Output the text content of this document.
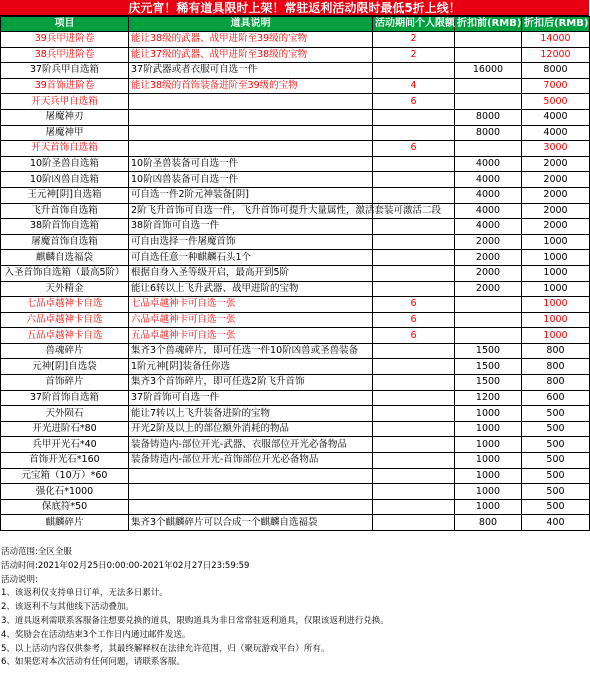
庆元宵！稀有道具限时上架！常驻返利活动限时最低5折上线！
项目	道具说明	活动期间个人限额	折扣前(RMB)	折扣后(RMB)
39兵甲进阶卷	能让38级的武器、战甲进阶至39级的宝物	2		14000
38兵甲进阶卷	能让37级的武器、战甲进阶至38级的宝物	2		12000
37阶兵甲自选箱	37阶武器或者衣服可自选一件		16000	8000
39首饰进阶卷	能让38级的首饰装备进阶至39级的宝物	4		7000
开天兵甲自选箱		6		5000
屠魔神刃			8000	4000
屠魔神甲			8000	4000
开天首饰自选箱		6		3000
10阶圣兽自选箱	10阶圣兽装备可自选一件		4000	2000
10阶凶兽自选箱	10阶凶兽装备可自选一件		4000	2000
王元神[阴]自选箱	可自选一件2阶元神装备[阴]		4000	2000
飞升首饰自选箱	2阶飞升首饰可自选一件，飞升首饰可提升大量属性，激活套装可激活二段		4000	2000
38阶首饰自选箱	38阶首饰可自选一件		4000	2000
屠魔首饰自选箱	可自由选择一件屠魔首饰		2000	1000
麒麟自选福袋	可自选任意一种麒麟石头1个		2000	1000
入圣首饰自选箱（最高5阶）	根据自身入圣等级开启，最高开到5阶		2000	1000
天外精金	能让6转以上飞升武器、战甲进阶的宝物		2000	1000
七品卓越神卡自选	七品卓越神卡可自选一张	6		1000
六品卓越神卡自选	六品卓越神卡可自选一张	6		1000
五品卓越神卡自选	五品卓越神卡可自选一张	6		1000
兽魂碎片	集齐3个兽魂碎片，即可任选一件10阶凶兽或圣兽装备		1500	800
元神[阴]自选袋	1阶元神[阴]装备任你选		1500	800
首饰碎片	集齐3个首饰碎片，即可任选2阶飞升首饰		1500	800
37阶首饰自选箱	37阶首饰可自选一件		1200	600
天外陨石	能让7转以上飞升装备进阶的宝物		1000	500
开光进阶石*80	开光2阶及以上的部位额外消耗的物品		1000	500
兵甲开光石*40	装备铸造内-部位开光-武器、衣服部位开光必备物品		1000	500
首饰开光石*160	装备铸造内-部位开光-首饰部位开光必备物品		1000	500
元宝箱（10万）*60			1000	500
强化石*1000			1000	500
保底符*50			1000	500
麒麟碎片	集齐3个麒麟碎片可以合成一个麒麟自选福袋		800	400
活动范围:全区全服
活动时间:2021年02月25日0:00:00-2021年02月27日23:59:59
活动说明:
1、该返利仅支持单日订单，无法多日累计。
2、该返利不与其他线下活动叠加。
3、道具返利需联系客服备注想要兑换的道具，限购道具为非日常常驻返利道具，仅限该返利进行兑换。
4、奖励会在活动结束3个工作日内通过邮件发送。
5、以上活动内容仅供参考，其最终解释权在法律允许范围，归（聚玩游戏平台）所有。
6、如果您对本次活动有任何问题，请联系客服。
